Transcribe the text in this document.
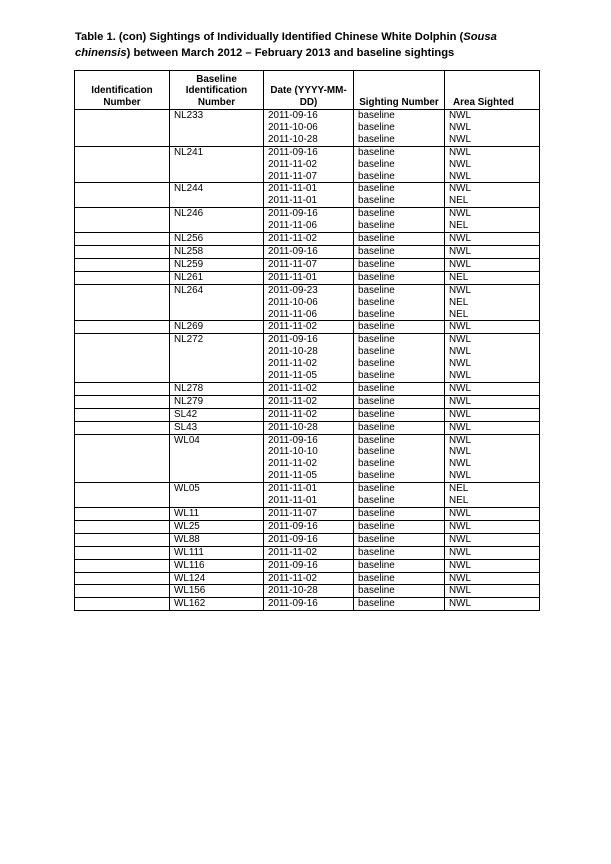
Table 1. (con) Sightings of Individually Identified Chinese White Dolphin (Sousa chinensis) between March 2012 – February 2013 and baseline sightings
Identification Number	Baseline Identification Number	Date (YYYY-MM-DD)	Sighting Number	Area Sighted
	NL233	2011-09-16	baseline	NWL
		2011-10-06	baseline	NWL
		2011-10-28	baseline	NWL
	NL241	2011-09-16	baseline	NWL
		2011-11-02	baseline	NWL
		2011-11-07	baseline	NWL
	NL244	2011-11-01	baseline	NWL
		2011-11-01	baseline	NEL
	NL246	2011-09-16	baseline	NWL
		2011-11-06	baseline	NEL
	NL256	2011-11-02	baseline	NWL
	NL258	2011-09-16	baseline	NWL
	NL259	2011-11-07	baseline	NWL
	NL261	2011-11-01	baseline	NEL
	NL264	2011-09-23	baseline	NWL
		2011-10-06	baseline	NEL
		2011-11-06	baseline	NEL
	NL269	2011-11-02	baseline	NWL
	NL272	2011-09-16	baseline	NWL
		2011-10-28	baseline	NWL
		2011-11-02	baseline	NWL
		2011-11-05	baseline	NWL
	NL278	2011-11-02	baseline	NWL
	NL279	2011-11-02	baseline	NWL
	SL42	2011-11-02	baseline	NWL
	SL43	2011-10-28	baseline	NWL
	WL04	2011-09-16	baseline	NWL
		2011-10-10	baseline	NWL
		2011-11-02	baseline	NWL
		2011-11-05	baseline	NWL
	WL05	2011-11-01	baseline	NEL
		2011-11-01	baseline	NEL
	WL11	2011-11-07	baseline	NWL
	WL25	2011-09-16	baseline	NWL
	WL88	2011-09-16	baseline	NWL
	WL111	2011-11-02	baseline	NWL
	WL116	2011-09-16	baseline	NWL
	WL124	2011-11-02	baseline	NWL
	WL156	2011-10-28	baseline	NWL
	WL162	2011-09-16	baseline	NWL
